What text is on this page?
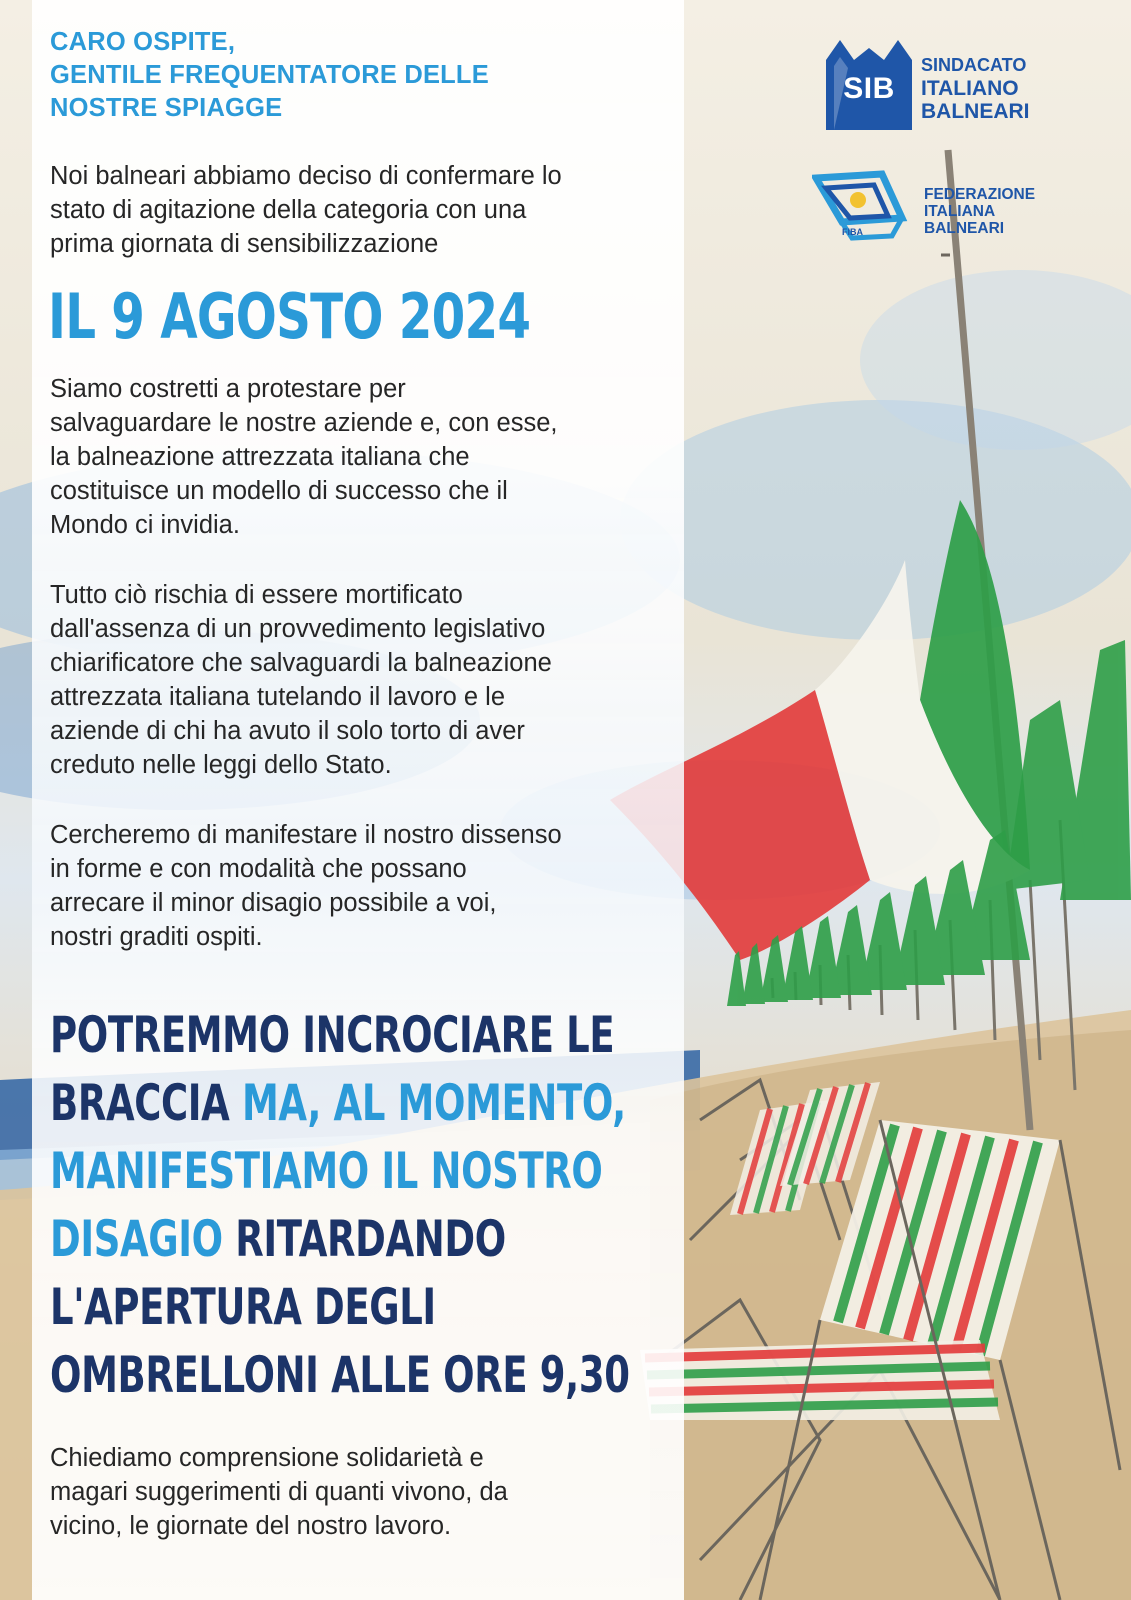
CARO OSPITE,
GENTILE FREQUENTATORE DELLE
NOSTRE SPIAGGE

Noi balneari abbiamo deciso di confermare lo
stato di agitazione della categoria con una
prima giornata di sensibilizzazione

IL 9 AGOSTO 2024

Siamo costretti a protestare per
salvaguardare le nostre aziende e, con esse,
la balneazione attrezzata italiana che
costituisce un modello di successo che il
Mondo ci invidia.

Tutto ciò rischia di essere mortificato
dall'assenza di un provvedimento legislativo
chiarificatore che salvaguardi la balneazione
attrezzata italiana tutelando il lavoro e le
aziende di chi ha avuto il solo torto di aver
creduto nelle leggi dello Stato.

Cercheremo di manifestare il nostro dissenso
in forme e con modalità che possano
arrecare il minor disagio possibile a voi,
nostri graditi ospiti.

POTREMMO INCROCIARE LE
BRACCIA MA, AL MOMENTO,
MANIFESTIAMO IL NOSTRO
DISAGIO RITARDANDO
L'APERTURA DEGLI
OMBRELLONI ALLE ORE 9,30

Chiediamo comprensione solidarietà e
magari suggerimenti di quanti vivono, da
vicino, le giornate del nostro lavoro.

SIB

SINDACATO
ITALIANO
BALNEARI

FIBA

FEDERAZIONE
ITALIANA
BALNEARI
